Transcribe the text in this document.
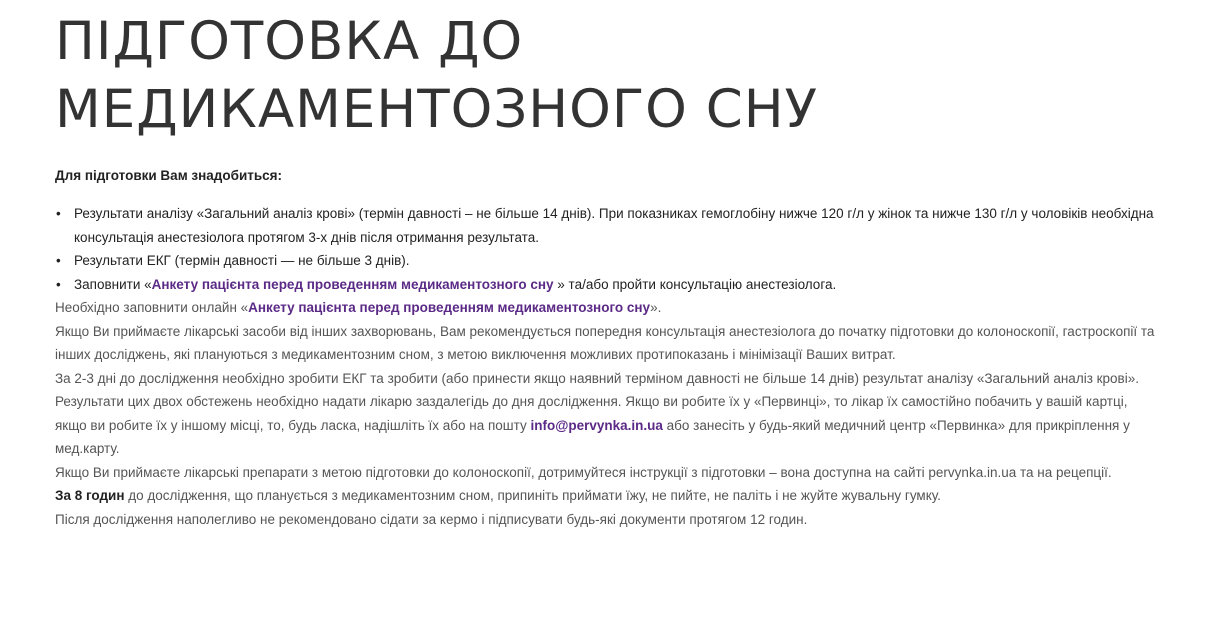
ПІДГОТОВКА ДО
МЕДИКАМЕНТОЗНОГО СНУ

Для підготовки Вам знадобиться:

• Результати аналізу «Загальний аналіз крові» (термін давності – не більше 14 днів). При показниках гемоглобіну нижче 120 г/л у жінок та нижче 130 г/л у чоловіків необхідна консультація анестезіолога протягом 3-х днів після отримання результата.
• Результати ЕКГ (термін давності — не більше 3 днів).
• Заповнити «Анкету пацієнта перед проведенням медикаментозного сну » та/або пройти консультацію анестезіолога.

Необхідно заповнити онлайн «Анкету пацієнта перед проведенням медикаментозного сну».

Якщо Ви приймаєте лікарські засоби від інших захворювань, Вам рекомендується попередня консультація анестезіолога до початку підготовки до колоноскопії, гастроскопії та інших досліджень, які плануються з медикаментозним сном, з метою виключення можливих протипоказань і мінімізації Ваших витрат.

За 2-3 дні до дослідження необхідно зробити ЕКГ та зробити (або принести якщо наявний терміном давності не більше 14 днів) результат аналізу «Загальний аналіз крові». Результати цих двох обстежень необхідно надати лікарю заздалегідь до дня дослідження. Якщо ви робите їх у «Первинці», то лікар їх самостійно побачить у вашій картці, якщо ви робите їх у іншому місці, то, будь ласка, надішліть їх або на пошту info@pervynka.in.ua або занесіть у будь-який медичний центр «Первинка» для прикріплення у мед.карту.

Якщо Ви приймаєте лікарські препарати з метою підготовки до колоноскопії, дотримуйтеся інструкції з підготовки – вона доступна на сайті pervynka.in.ua та на рецепції.

За 8 годин до дослідження, що планується з медикаментозним сном, припиніть приймати їжу, не пийте, не паліть і не жуйте жувальну гумку.

Після дослідження наполегливо не рекомендовано сідати за кермо і підписувати будь-які документи протягом 12 годин.
